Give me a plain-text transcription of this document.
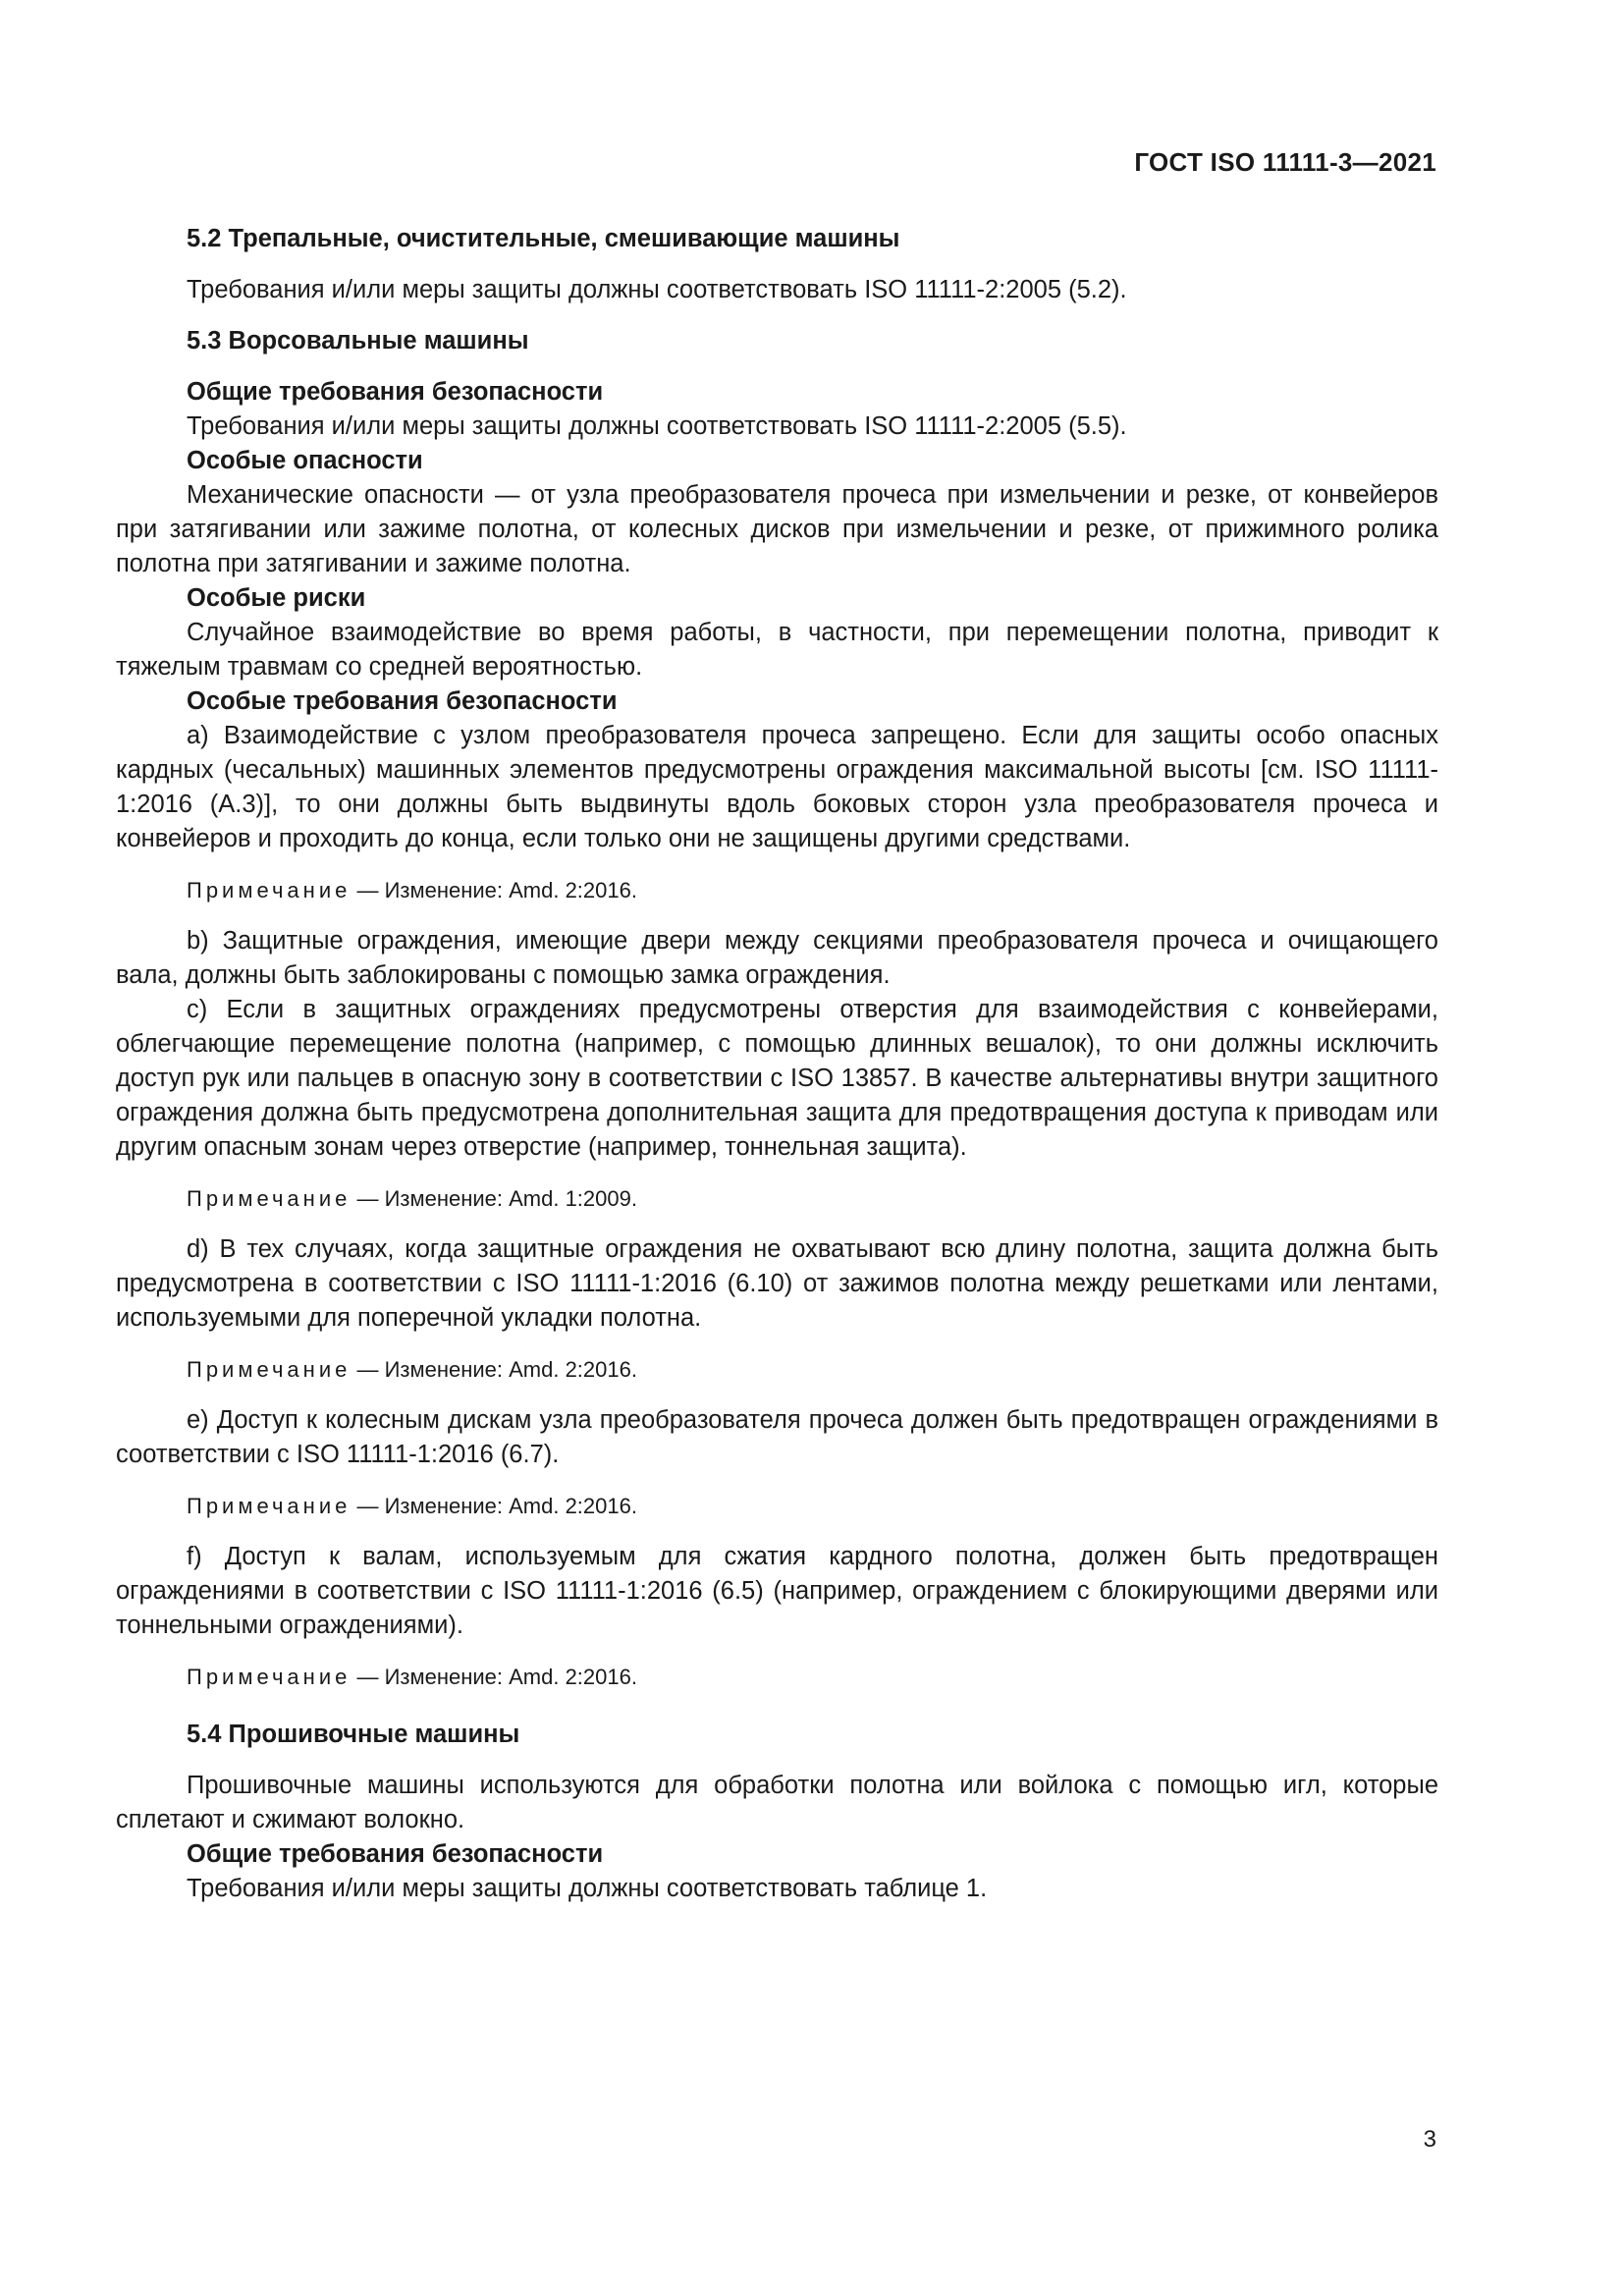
ГОСТ ISO 11111-3—2021

5.2 Трепальные, очистительные, смешивающие машины

Требования и/или меры защиты должны соответствовать ISO 11111-2:2005 (5.2).

5.3 Ворсовальные машины

Общие требования безопасности

Требования и/или меры защиты должны соответствовать ISO 11111-2:2005 (5.5).

Особые опасности

Механические опасности — от узла преобразователя прочеса при измельчении и резке, от конвейеров при затягивании или зажиме полотна, от колесных дисков при измельчении и резке, от прижимного ролика полотна при затягивании и зажиме полотна.

Особые риски

Случайное взаимодействие во время работы, в частности, при перемещении полотна, приводит к тяжелым травмам со средней вероятностью.

Особые требования безопасности

a) Взаимодействие с узлом преобразователя прочеса запрещено. Если для защиты особо опасных кардных (чесальных) машинных элементов предусмотрены ограждения максимальной высоты [см. ISO 11111-1:2016 (А.3)], то они должны быть выдвинуты вдоль боковых сторон узла преобразователя прочеса и конвейеров и проходить до конца, если только они не защищены другими средствами.

Примечание — Изменение: Amd. 2:2016.

b) Защитные ограждения, имеющие двери между секциями преобразователя прочеса и очищающего вала, должны быть заблокированы с помощью замка ограждения.

c) Если в защитных ограждениях предусмотрены отверстия для взаимодействия с конвейерами, облегчающие перемещение полотна (например, с помощью длинных вешалок), то они должны исключить доступ рук или пальцев в опасную зону в соответствии с ISO 13857. В качестве альтернативы внутри защитного ограждения должна быть предусмотрена дополнительная защита для предотвращения доступа к приводам или другим опасным зонам через отверстие (например, тоннельная защита).

Примечание — Изменение: Amd. 1:2009.

d) В тех случаях, когда защитные ограждения не охватывают всю длину полотна, защита должна быть предусмотрена в соответствии с ISO 11111-1:2016 (6.10) от зажимов полотна между решетками или лентами, используемыми для поперечной укладки полотна.

Примечание — Изменение: Amd. 2:2016.

e) Доступ к колесным дискам узла преобразователя прочеса должен быть предотвращен ограждениями в соответствии с ISO 11111-1:2016 (6.7).

Примечание — Изменение: Amd. 2:2016.

f) Доступ к валам, используемым для сжатия кардного полотна, должен быть предотвращен ограждениями в соответствии с ISO 11111-1:2016 (6.5) (например, ограждением с блокирующими дверями или тоннельными ограждениями).

Примечание — Изменение: Amd. 2:2016.

5.4 Прошивочные машины

Прошивочные машины используются для обработки полотна или войлока с помощью игл, которые сплетают и сжимают волокно.

Общие требования безопасности

Требования и/или меры защиты должны соответствовать таблице 1.

3
